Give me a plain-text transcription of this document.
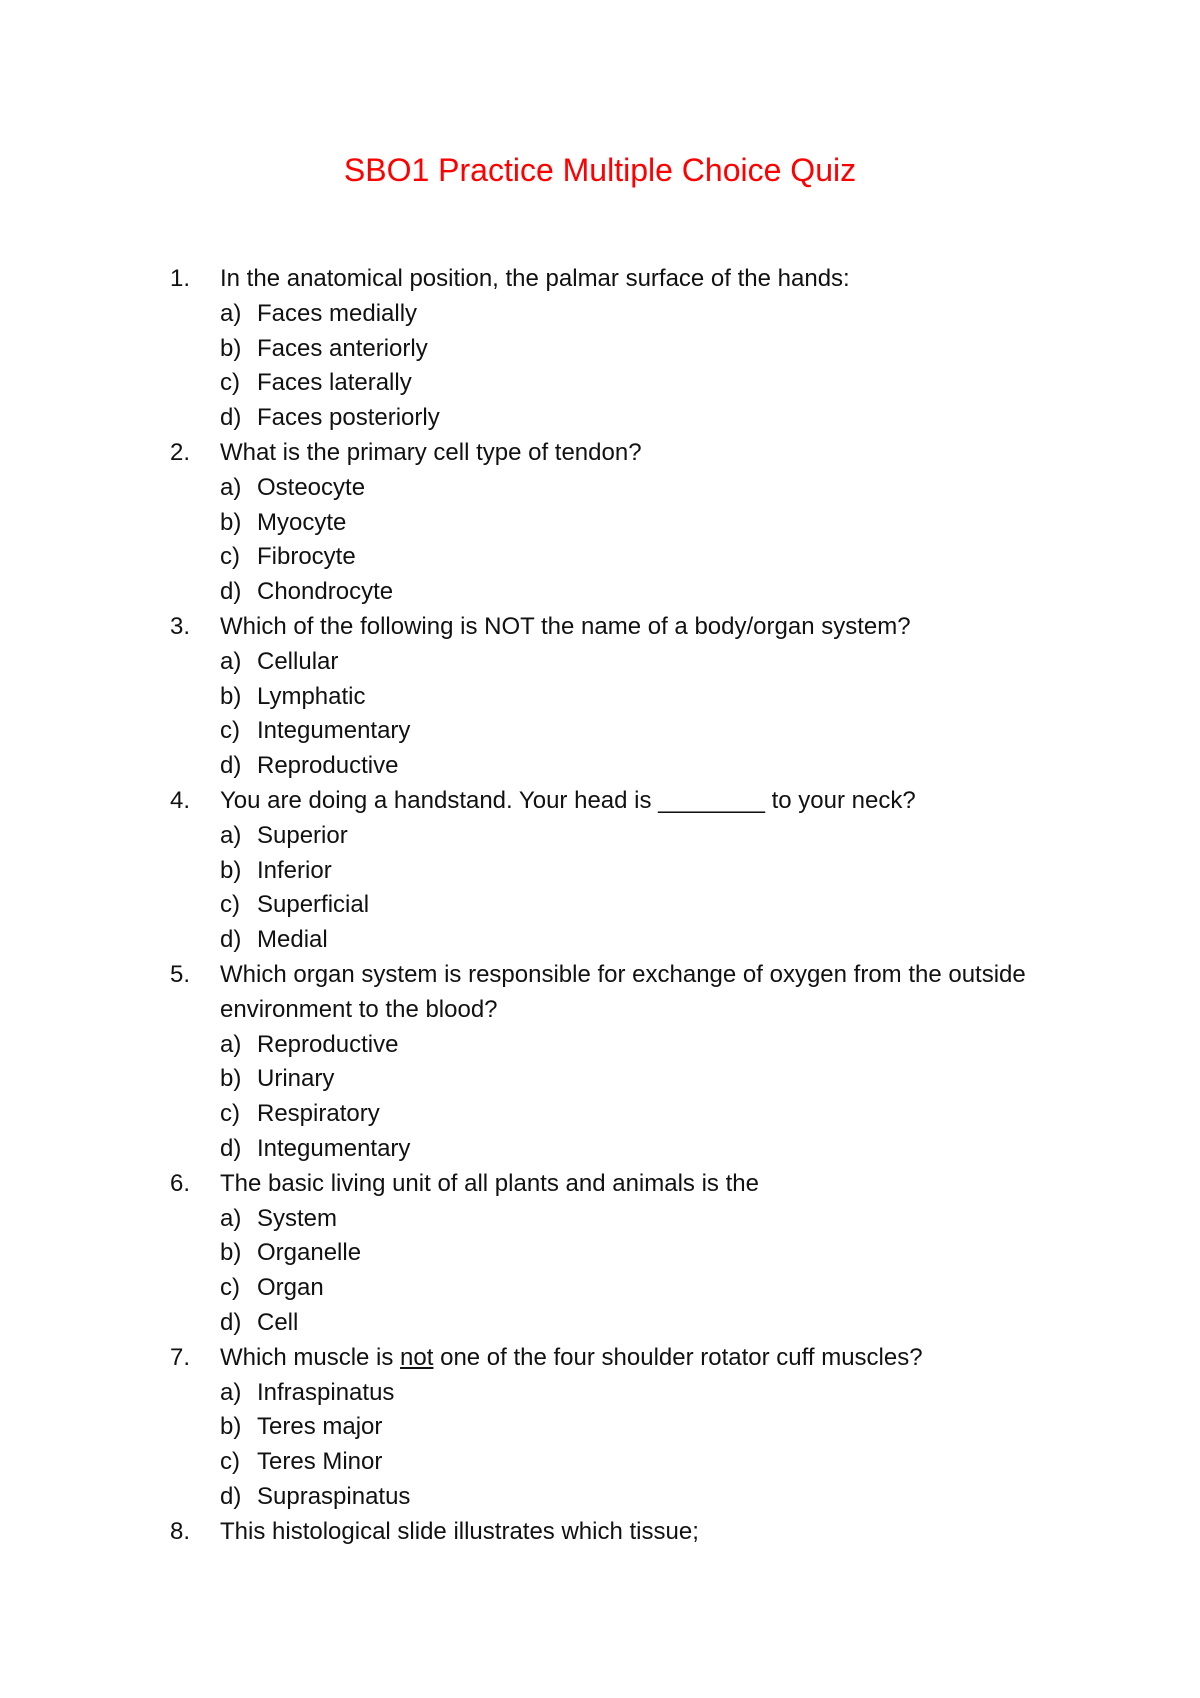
SBO1 Practice Multiple Choice Quiz
1.	In the anatomical position, the palmar surface of the hands:
a) Faces medially
b) Faces anteriorly
c) Faces laterally
d) Faces posteriorly
2.	What is the primary cell type of tendon?
a) Osteocyte
b) Myocyte
c) Fibrocyte
d) Chondrocyte
3.	Which of the following is NOT the name of a body/organ system?
a) Cellular
b) Lymphatic
c) Integumentary
d) Reproductive
4.	You are doing a handstand. Your head is ________ to your neck?
a) Superior
b) Inferior
c) Superficial
d) Medial
5.	Which organ system is responsible for exchange of oxygen from the outside environment to the blood?
a) Reproductive
b) Urinary
c) Respiratory
d) Integumentary
6.	The basic living unit of all plants and animals is the
a) System
b) Organelle
c) Organ
d) Cell
7.	Which muscle is not one of the four shoulder rotator cuff muscles?
a) Infraspinatus
b) Teres major
c) Teres Minor
d) Supraspinatus
8.	This histological slide illustrates which tissue;
